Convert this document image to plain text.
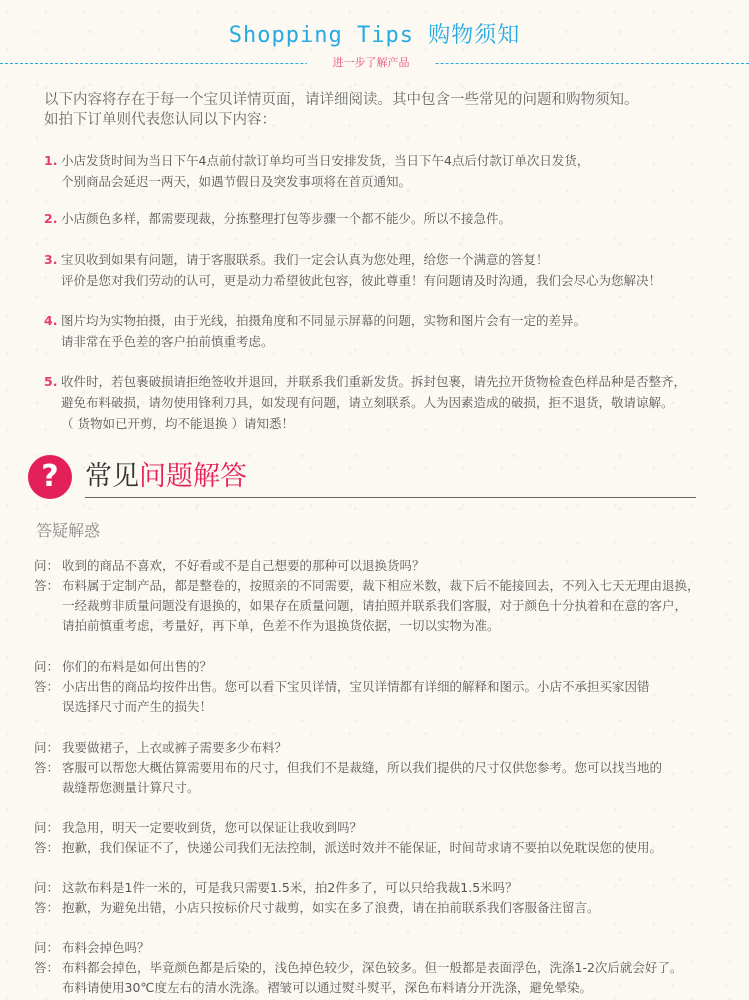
Shopping Tips 购物须知
进一步了解产品
以下内容将存在于每一个宝贝详情页面，请详细阅读。其中包含一些常见的问题和购物须知。
如拍下订单则代表您认同以下内容：
1. 小店发货时间为当日下午4点前付款订单均可当日安排发货，当日下午4点后付款订单次日发货，
个别商品会延迟一两天，如遇节假日及突发事项将在首页通知。
2. 小店颜色多样，都需要现裁，分拣整理打包等步骤一个都不能少。所以不接急件。
3. 宝贝收到如果有问题，请于客服联系。我们一定会认真为您处理，给您一个满意的答复！
评价是您对我们劳动的认可，更是动力希望彼此包容，彼此尊重！有问题请及时沟通，我们会尽心为您解决！
4. 图片均为实物拍摄，由于光线，拍摄角度和不同显示屏幕的问题，实物和图片会有一定的差异。
请非常在乎色差的客户拍前慎重考虑。
5. 收件时，若包裹破损请拒绝签收并退回，并联系我们重新发货。拆封包裹，请先拉开货物检查色样品种是否整齐，
避免布料破损，请勿使用锋利刀具，如发现有问题，请立刻联系。人为因素造成的破损，拒不退货，敬请谅解。
（ 货物如已开剪，均不能退换 ）请知悉！
? 常见问题解答
答疑解惑
问： 收到的商品不喜欢，不好看或不是自己想要的那种可以退换货吗？
答： 布料属于定制产品，都是整卷的，按照亲的不同需要，裁下相应米数，裁下后不能接回去，不列入七天无理由退换，
一经裁剪非质量问题没有退换的，如果存在质量问题，请拍照并联系我们客服，对于颜色十分执着和在意的客户，
请拍前慎重考虑，考量好，再下单，色差不作为退换货依据，一切以实物为准。
问： 你们的布料是如何出售的？
答： 小店出售的商品均按件出售。您可以看下宝贝详情，宝贝详情都有详细的解释和图示。小店不承担买家因错
误选择尺寸而产生的损失！
问： 我要做裙子，上衣或裤子需要多少布料？
答： 客服可以帮您大概估算需要用布的尺寸，但我们不是裁缝，所以我们提供的尺寸仅供您参考。您可以找当地的
裁缝帮您测量计算尺寸。
问： 我急用，明天一定要收到货，您可以保证让我收到吗？
答： 抱歉，我们保证不了，快递公司我们无法控制，派送时效并不能保证，时间苛求请不要拍以免耽误您的使用。
问： 这款布料是1件一米的，可是我只需要1.5米，拍2件多了，可以只给我裁1.5米吗？
答： 抱歉，为避免出错，小店只按标价尺寸裁剪，如实在多了浪费，请在拍前联系我们客服备注留言。
问： 布料会掉色吗？
答： 布料都会掉色，毕竟颜色都是后染的，浅色掉色较少，深色较多。但一般都是表面浮色，洗涤1-2次后就会好了。
布料请使用30℃度左右的清水洗涤。褶皱可以通过熨斗熨平，深色布料请分开洗涤，避免晕染。
